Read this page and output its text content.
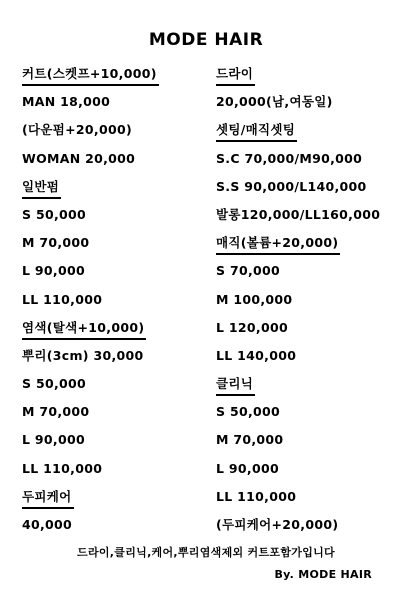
MODE HAIR
커트(스켓프+10,000)
MAN 18,000
(다운펌+20,000)
WOMAN 20,000
일반펌
S 50,000
M 70,000
L 90,000
LL 110,000
염색(탈색+10,000)
뿌리(3cm) 30,000
S 50,000
M 70,000
L 90,000
LL 110,000
두피케어
40,000
드라이
20,000(남,여동일)
셋팅/매직셋팅
S.C 70,000/M90,000
S.S 90,000/L140,000
발롱120,000/LL160,000
매직(볼륨+20,000)
S 70,000
M 100,000
L 120,000
LL 140,000
클리닉
S 50,000
M 70,000
L 90,000
LL 110,000
(두피케어+20,000)
드라이,클리닉,케어,뿌리염색제외 커트포함가입니다
By. MODE HAIR
